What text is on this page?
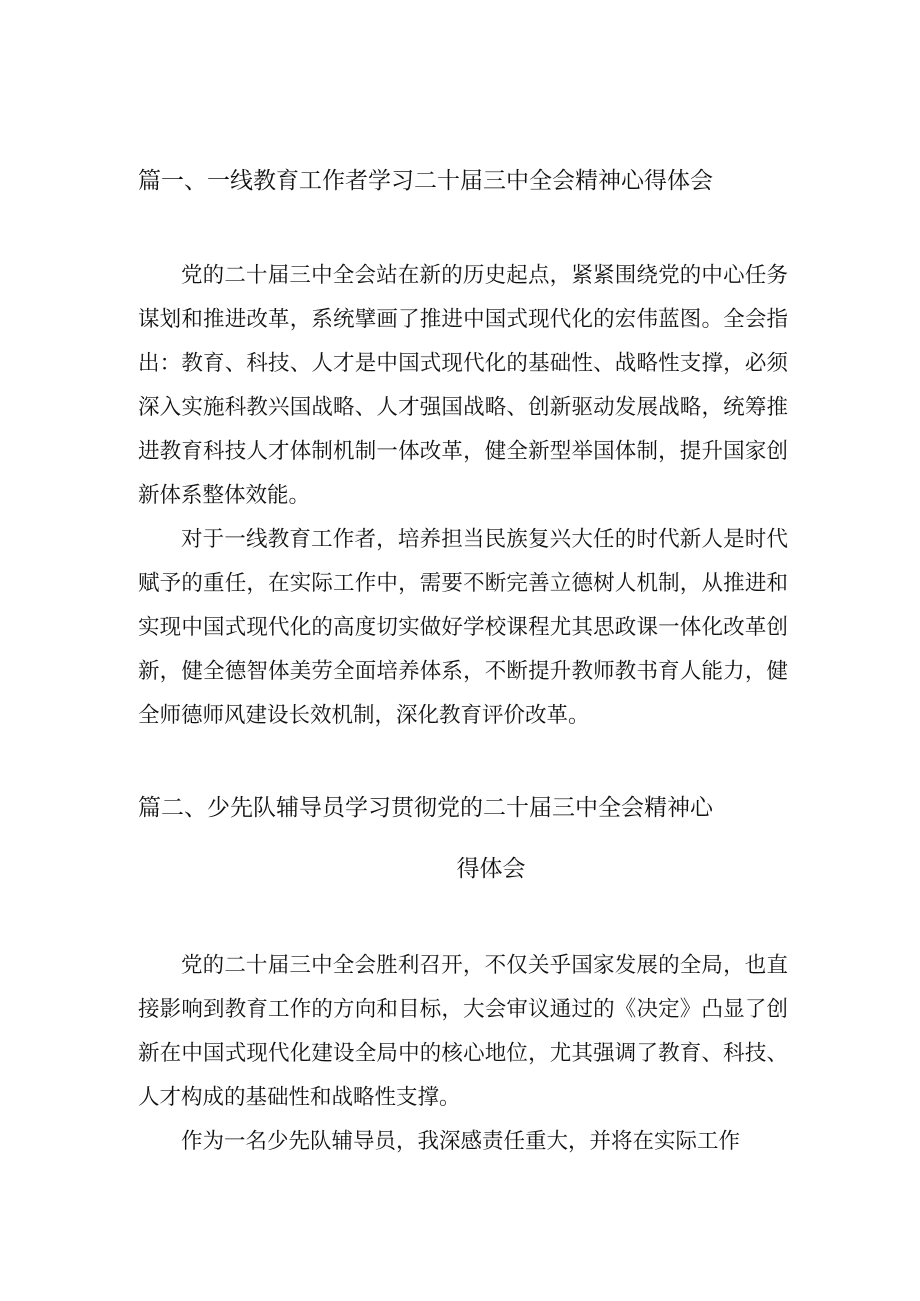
篇一、一线教育工作者学习二十届三中全会精神心得体会

党的二十届三中全会站在新的历史起点，紧紧围绕党的中心任务谋划和推进改革，系统擘画了推进中国式现代化的宏伟蓝图。全会指出：教育、科技、人才是中国式现代化的基础性、战略性支撑，必须深入实施科教兴国战略、人才强国战略、创新驱动发展战略，统筹推进教育科技人才体制机制一体改革，健全新型举国体制，提升国家创新体系整体效能。

对于一线教育工作者，培养担当民族复兴大任的时代新人是时代赋予的重任，在实际工作中，需要不断完善立德树人机制，从推进和实现中国式现代化的高度切实做好学校课程尤其思政课一体化改革创新，健全德智体美劳全面培养体系，不断提升教师教书育人能力，健全师德师风建设长效机制，深化教育评价改革。

篇二、少先队辅导员学习贯彻党的二十届三中全会精神心
得体会

党的二十届三中全会胜利召开，不仅关乎国家发展的全局，也直接影响到教育工作的方向和目标，大会审议通过的《决定》凸显了创新在中国式现代化建设全局中的核心地位，尤其强调了教育、科技、人才构成的基础性和战略性支撑。

作为一名少先队辅导员，我深感责任重大，并将在实际工作
